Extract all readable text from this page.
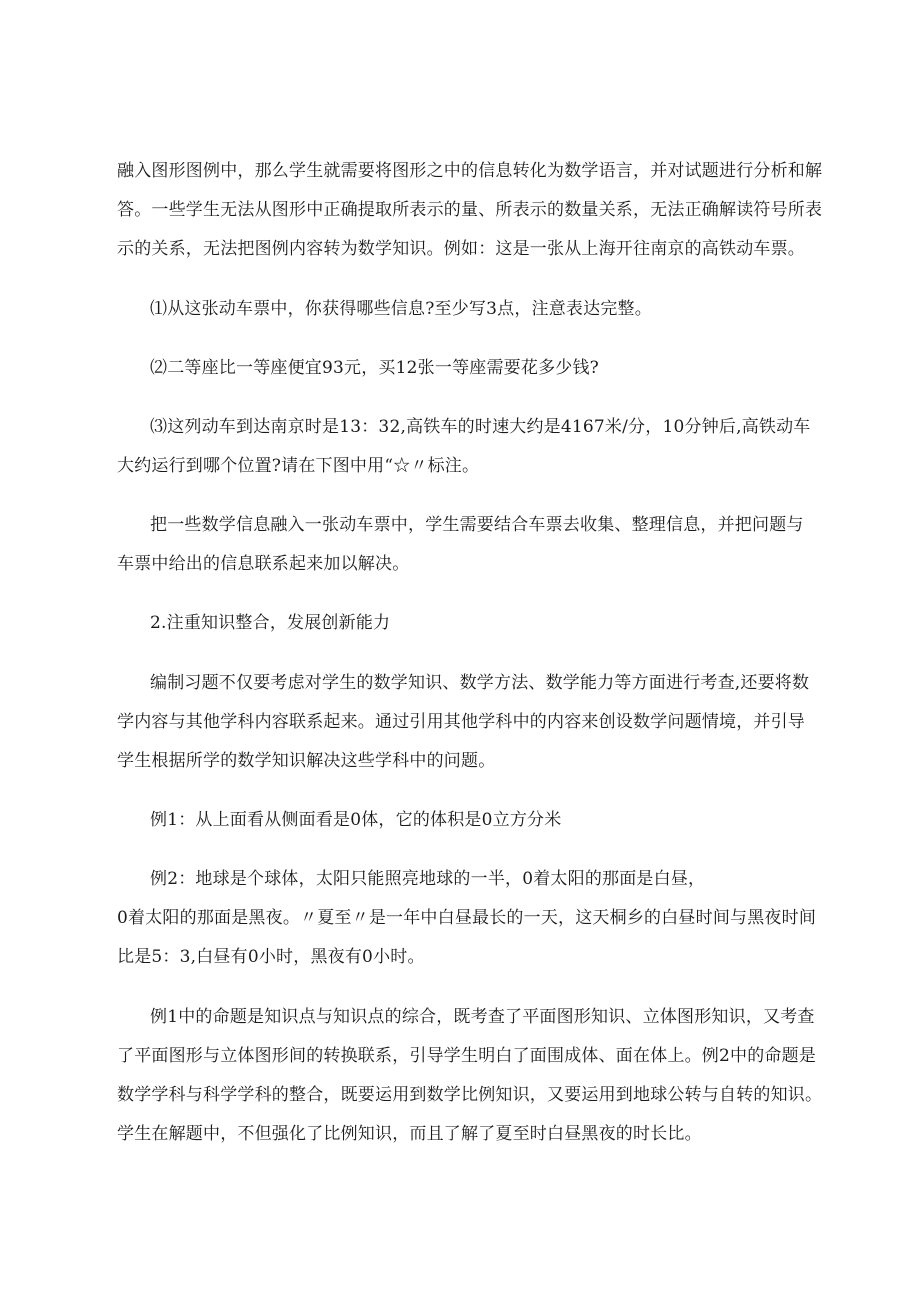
融入图形图例中，那么学生就需要将图形之中的信息转化为数学语言，并对试题进行分析和解
答。一些学生无法从图形中正确提取所表示的量、所表示的数量关系，无法正确解读符号所表
示的关系，无法把图例内容转为数学知识。例如：这是一张从上海开往南京的高铁动车票。
⑴从这张动车票中，你获得哪些信息?至少写3点，注意表达完整。
⑵二等座比一等座便宜93元，买12张一等座需要花多少钱?
⑶这列动车到达南京时是13：32,高铁车的时速大约是4167米/分，10分钟后,高铁动车
大约运行到哪个位置?请在下图中用“☆〃标注。
把一些数学信息融入一张动车票中，学生需要结合车票去收集、整理信息，并把问题与
车票中给出的信息联系起来加以解决。
2.注重知识整合，发展创新能力
编制习题不仅要考虑对学生的数学知识、数学方法、数学能力等方面进行考查,还要将数
学内容与其他学科内容联系起来。通过引用其他学科中的内容来创设数学问题情境，并引导
学生根据所学的数学知识解决这些学科中的问题。
例1：从上面看从侧面看是0体，它的体积是0立方分米
例2：地球是个球体，太阳只能照亮地球的一半，0着太阳的那面是白昼，
0着太阳的那面是黑夜。〃夏至〃是一年中白昼最长的一天，这天桐乡的白昼时间与黑夜时间
比是5：3,白昼有0小时，黑夜有0小时。
例1中的命题是知识点与知识点的综合，既考查了平面图形知识、立体图形知识，又考查
了平面图形与立体图形间的转换联系，引导学生明白了面围成体、面在体上。例2中的命题是
数学学科与科学学科的整合，既要运用到数学比例知识，又要运用到地球公转与自转的知识。
学生在解题中，不但强化了比例知识，而且了解了夏至时白昼黑夜的时长比。
